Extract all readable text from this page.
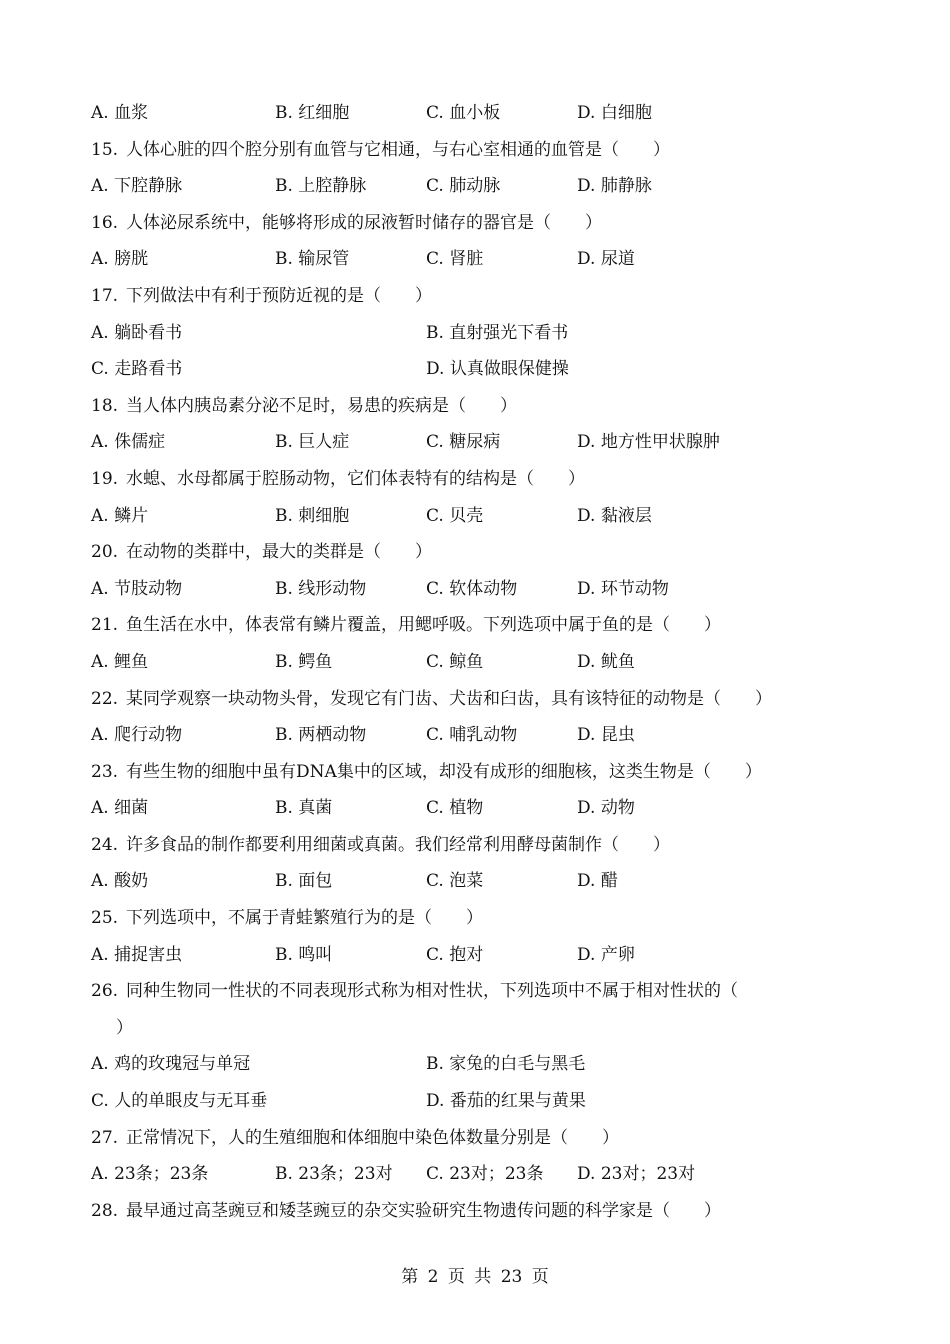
A. 血浆	B. 红细胞	C. 血小板	D. 白细胞
15. 人体心脏的四个腔分别有血管与它相通，与右心室相通的血管是（　　）
A. 下腔静脉	B. 上腔静脉	C. 肺动脉	D. 肺静脉
16. 人体泌尿系统中，能够将形成的尿液暂时储存的器官是（　　）
A. 膀胱	B. 输尿管	C. 肾脏	D. 尿道
17. 下列做法中有利于预防近视的是（　　）
A. 躺卧看书	B. 直射强光下看书
C. 走路看书	D. 认真做眼保健操
18. 当人体内胰岛素分泌不足时，易患的疾病是（　　）
A. 侏儒症	B. 巨人症	C. 糖尿病	D. 地方性甲状腺肿
19. 水螅、水母都属于腔肠动物，它们体表特有的结构是（　　）
A. 鳞片	B. 刺细胞	C. 贝壳	D. 黏液层
20. 在动物的类群中，最大的类群是（　　）
A. 节肢动物	B. 线形动物	C. 软体动物	D. 环节动物
21. 鱼生活在水中，体表常有鳞片覆盖，用鳃呼吸。下列选项中属于鱼的是（　　）
A. 鲤鱼	B. 鳄鱼	C. 鲸鱼	D. 鱿鱼
22. 某同学观察一块动物头骨，发现它有门齿、犬齿和臼齿，具有该特征的动物是（　　）
A. 爬行动物	B. 两栖动物	C. 哺乳动物	D. 昆虫
23. 有些生物的细胞中虽有DNA集中的区域，却没有成形的细胞核，这类生物是（　　）
A. 细菌	B. 真菌	C. 植物	D. 动物
24. 许多食品的制作都要利用细菌或真菌。我们经常利用酵母菌制作（　　）
A. 酸奶	B. 面包	C. 泡菜	D. 醋
25. 下列选项中，不属于青蛙繁殖行为的是（　　）
A. 捕捉害虫	B. 鸣叫	C. 抱对	D. 产卵
26. 同种生物同一性状的不同表现形式称为相对性状，下列选项中不属于相对性状的（
）
A. 鸡的玫瑰冠与单冠	B. 家兔的白毛与黑毛
C. 人的单眼皮与无耳垂	D. 番茄的红果与黄果
27. 正常情况下，人的生殖细胞和体细胞中染色体数量分别是（　　）
A. 23条；23条	B. 23条；23对 C. 23对；23条 D. 23对；23对
28. 最早通过高茎豌豆和矮茎豌豆的杂交实验研究生物遗传问题的科学家是（　　）
第 2 页 共 23 页
